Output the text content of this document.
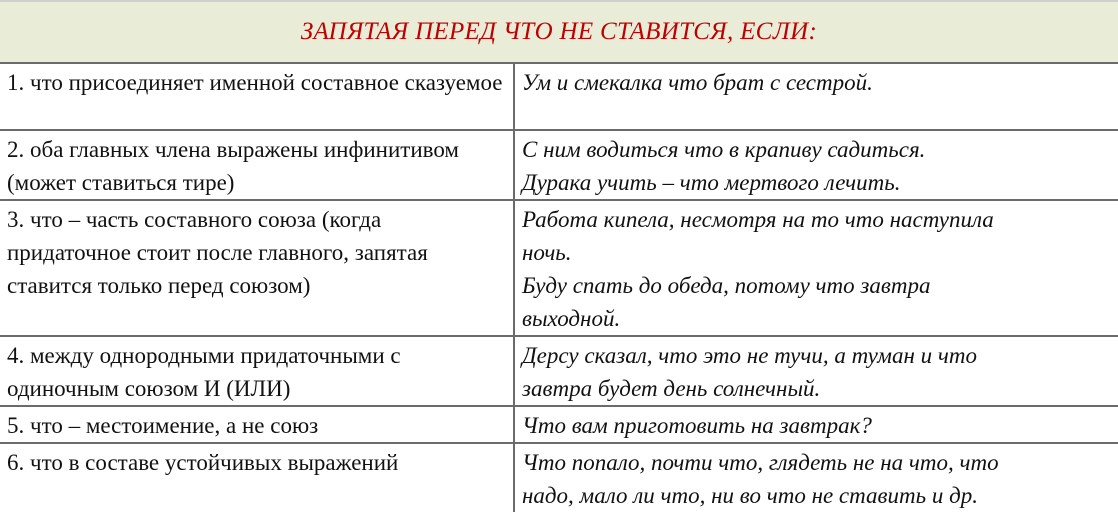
ЗАПЯТАЯ ПЕРЕД ЧТО НЕ СТАВИТСЯ, ЕСЛИ:
1. что присоединяет именной составное сказуемое	Ум и смекалка что брат с сестрой.

2. оба главных члена выражены инфинитивом (может ставиться тире)	С ним водиться что в крапиву садиться.
Дурака учить – что мертвого лечить.

3. что – часть составного союза (когда придаточное стоит после главного, запятая ставится только перед союзом)	Работа кипела, несмотря на то что наступила
ночь.
Буду спать до обеда, потому что завтра
выходной.

4. между однородными придаточными с одиночным союзом И (ИЛИ)	Дерсу сказал, что это не тучи, а туман и что
завтра будет день солнечный.

5. что – местоимение, а не союз	Что вам приготовить на завтрак?

6. что в составе устойчивых выражений	Что попало, почти что, глядеть не на что, что
надо, мало ли что, ни во что не ставить и др.
